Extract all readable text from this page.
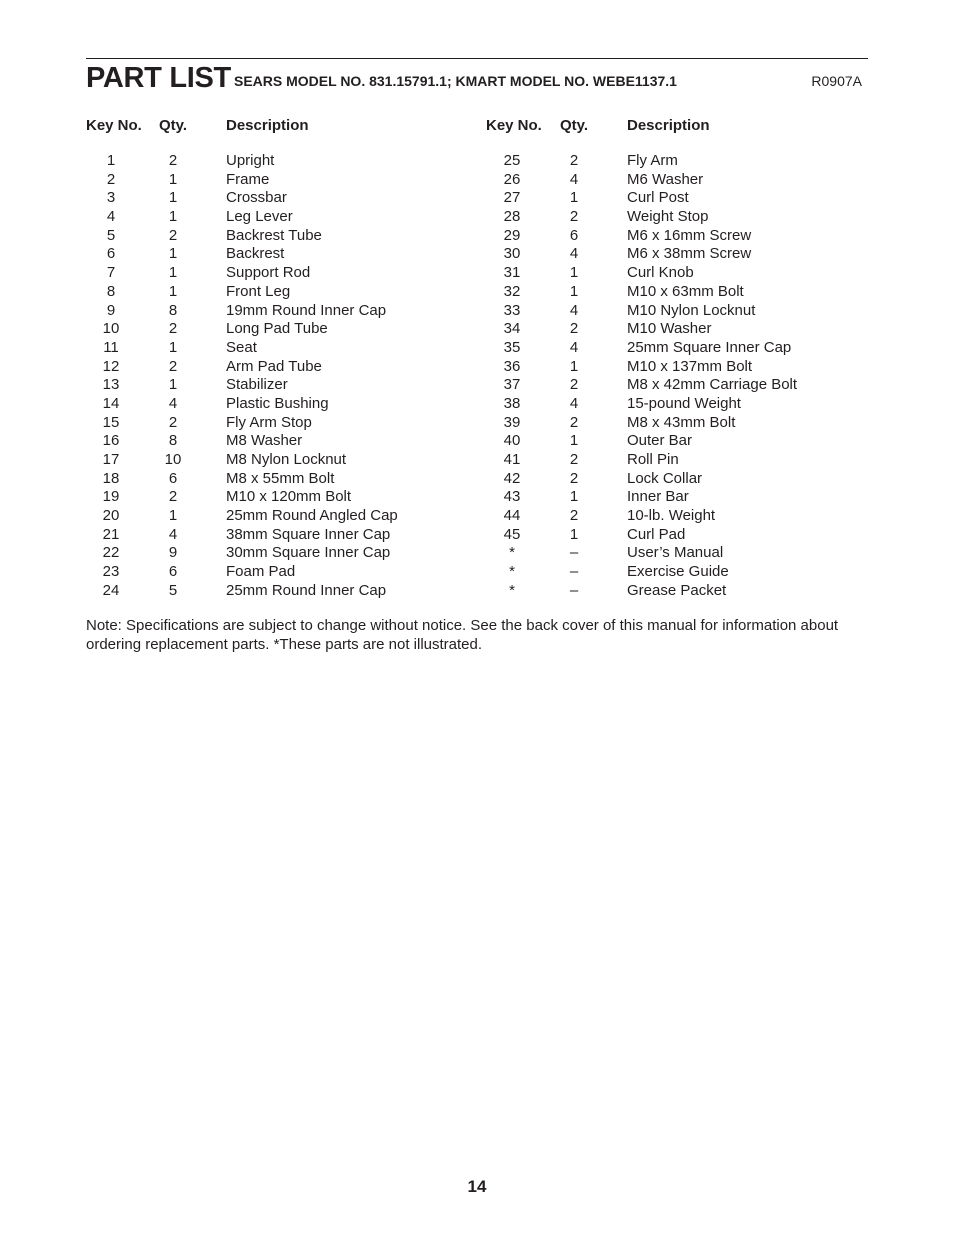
PART LIST SEARS MODEL NO. 831.15791.1; KMART MODEL NO. WEBE1137.1	R0907A
Key No. Qty.	Description	Key No. Qty.	Description
1	2	Upright
2	1	Frame
3	1	Crossbar
4	1	Leg Lever
5	2	Backrest Tube
6	1	Backrest
7	1	Support Rod
8	1	Front Leg
9	8	19mm Round Inner Cap
10	2	Long Pad Tube
11	1	Seat
12	2	Arm Pad Tube
13	1	Stabilizer
14	4	Plastic Bushing
15	2	Fly Arm Stop
16	8	M8 Washer
17	10	M8 Nylon Locknut
18	6	M8 x 55mm Bolt
19	2	M10 x 120mm Bolt
20	1	25mm Round Angled Cap
21	4	38mm Square Inner Cap
22	9	30mm Square Inner Cap
23	6	Foam Pad
24	5	25mm Round Inner Cap
25	2	Fly Arm
26	4	M6 Washer
27	1	Curl Post
28	2	Weight Stop
29	6	M6 x 16mm Screw
30	4	M6 x 38mm Screw
31	1	Curl Knob
32	1	M10 x 63mm Bolt
33	4	M10 Nylon Locknut
34	2	M10 Washer
35	4	25mm Square Inner Cap
36	1	M10 x 137mm Bolt
37	2	M8 x 42mm Carriage Bolt
38	4	15-pound Weight
39	2	M8 x 43mm Bolt
40	1	Outer Bar
41	2	Roll Pin
42	2	Lock Collar
43	1	Inner Bar
44	2	10-lb. Weight
45	1	Curl Pad
*	–	User’s Manual
*	–	Exercise Guide
*	–	Grease Packet
Note: Specifications are subject to change without notice. See the back cover of this manual for information about ordering replacement parts. *These parts are not illustrated.
14
